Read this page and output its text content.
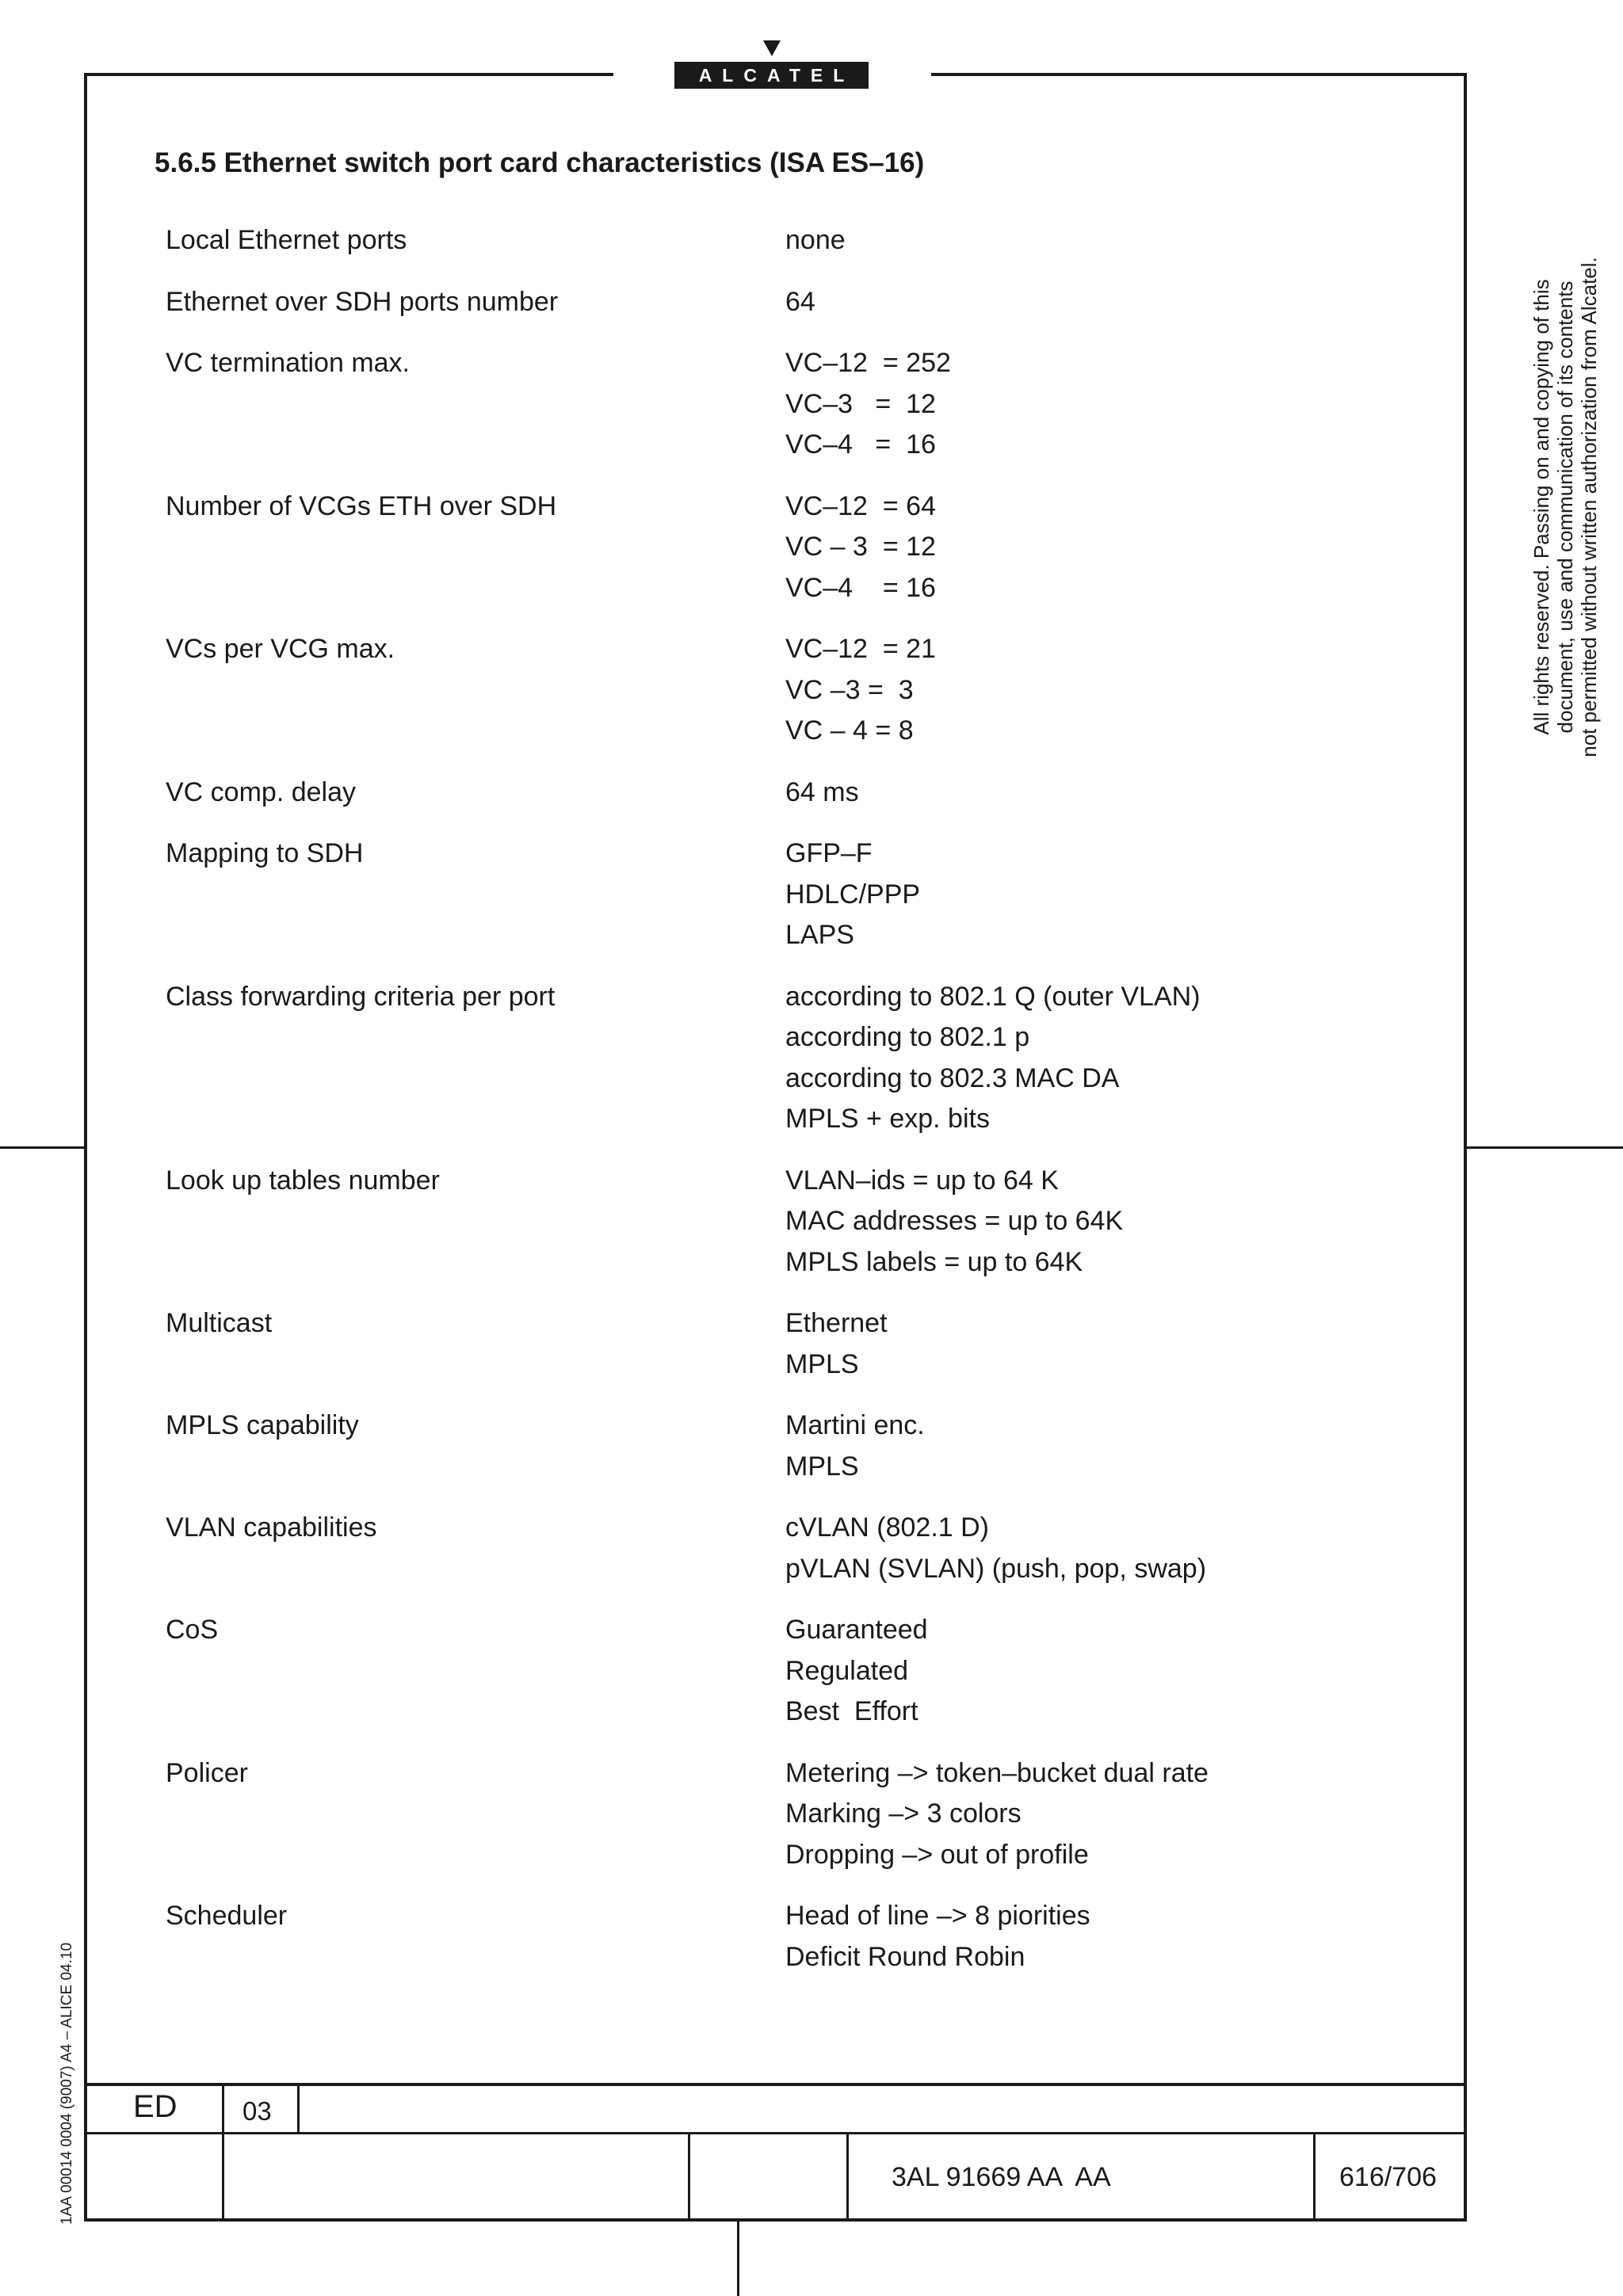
ALCATEL
5.6.5 Ethernet switch port card characteristics (ISA ES–16)
Local Ethernet ports	none
Ethernet over SDH ports number	64
VC termination max.	VC–12  = 252
VC–3   =  12
VC–4   =  16
Number of VCGs ETH over SDH	VC–12  = 64
VC – 3  = 12
VC–4    = 16
VCs per VCG max.	VC–12  = 21
VC –3 =  3
VC – 4 = 8
VC comp. delay	64 ms
Mapping to SDH	GFP–F
HDLC/PPP
LAPS
Class forwarding criteria per port	according to 802.1 Q (outer VLAN)
according to 802.1 p
according to 802.3 MAC DA
MPLS + exp. bits
Look up tables number	VLAN–ids = up to 64 K
MAC addresses = up to 64K
MPLS labels = up to 64K
Multicast	Ethernet
MPLS
MPLS capability	Martini enc.
MPLS
VLAN capabilities	cVLAN (802.1 D)
pVLAN (SVLAN) (push, pop, swap)
CoS	Guaranteed
Regulated
Best  Effort
Policer	Metering –> token–bucket dual rate
Marking –> 3 colors
Dropping –> out of profile
Scheduler	Head of line –> 8 piorities
Deficit Round Robin
All rights reserved. Passing on and copying of this document, use and communication of its contents not permitted without written authorization from Alcatel.
1AA 00014 0004 (9007) A4 – ALICE 04.10 ED 03
3AL 91669 AA  AA	616/706
